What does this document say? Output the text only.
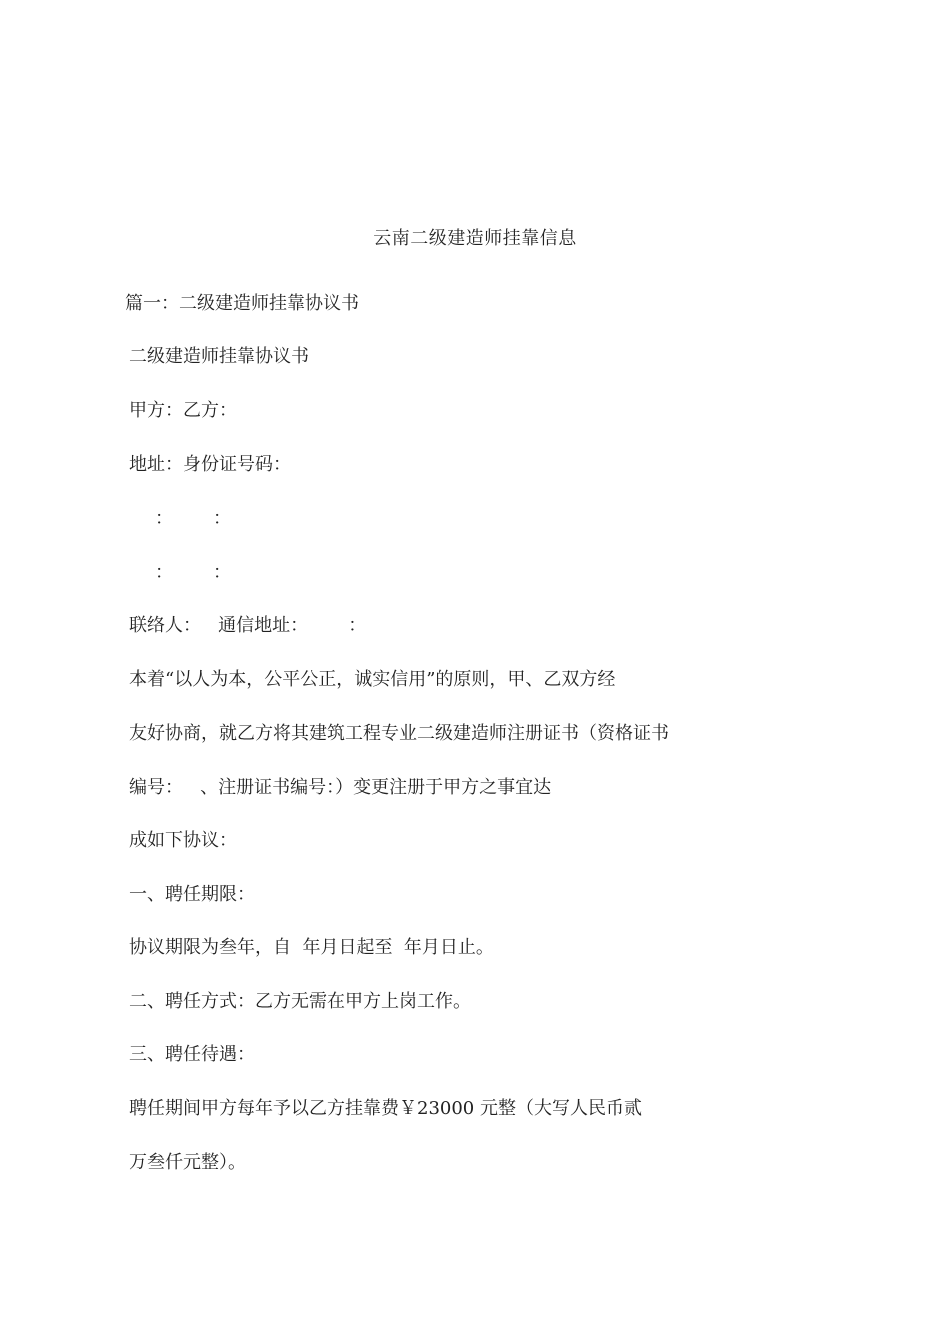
云南二级建造师挂靠信息
篇一：二级建造师挂靠协议书
二级建造师挂靠协议书
甲方：乙方：
地址：身份证号码：
：       ：
：       ：
联络人：   通信地址：       ：
本着“以人为本，公平公正，诚实信用”的原则，甲、乙双方经
友好协商，就乙方将其建筑工程专业二级建造师注册证书（资格证书
编号：   、注册证书编号：）变更注册于甲方之事宜达
成如下协议：
一、聘任期限：
协议期限为叁年，自  年月日起至  年月日止。
二、聘任方式：乙方无需在甲方上岗工作。
三、聘任待遇：
聘任期间甲方每年予以乙方挂靠费￥23000 元整（大写人民币贰
万叁仟元整）。
